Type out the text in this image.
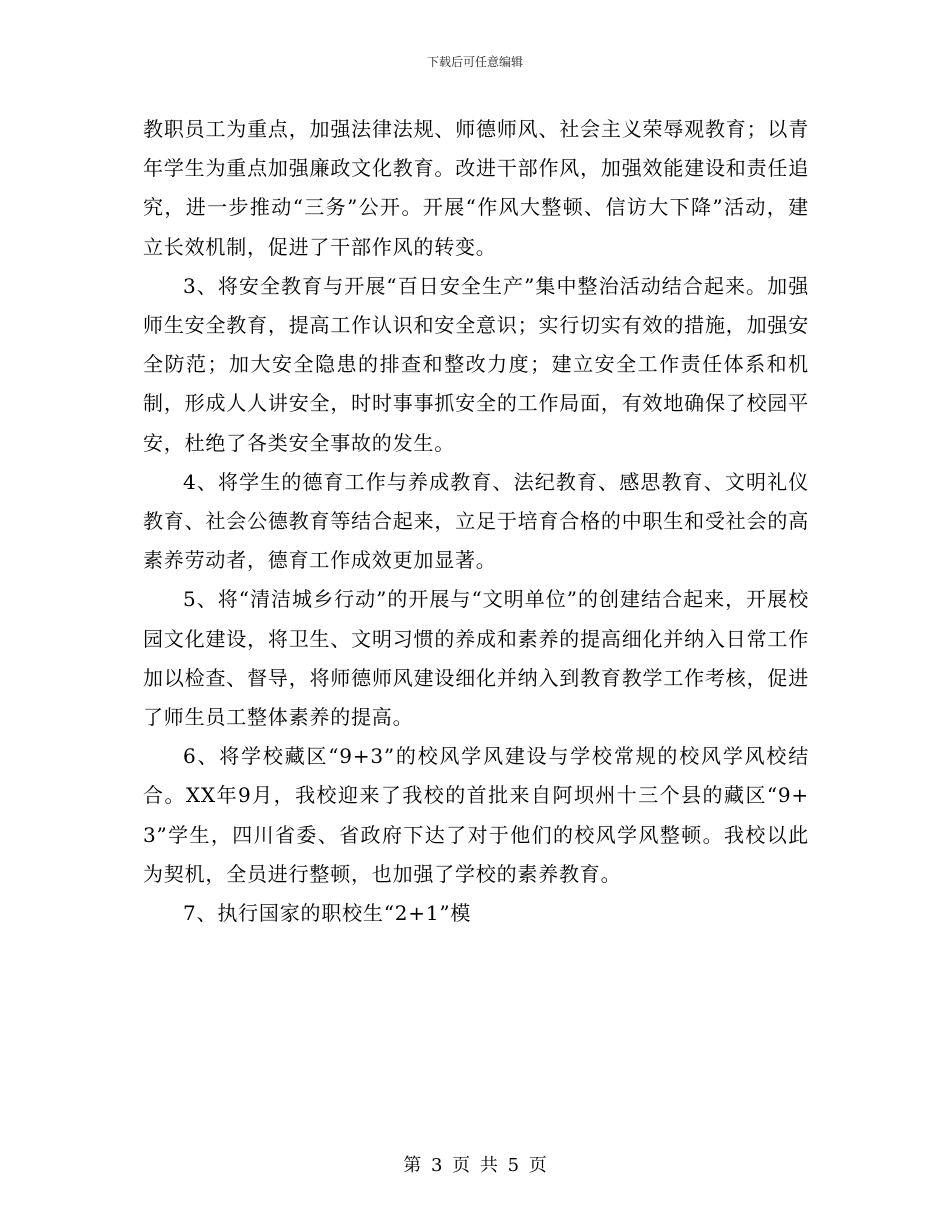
下载后可任意编辑

教职员工为重点，加强法律法规、师德师风、社会主义荣辱观教育；以青年学生为重点加强廉政文化教育。改进干部作风，加强效能建设和责任追究，进一步推动“三务”公开。开展“作风大整顿、信访大下降”活动，建立长效机制，促进了干部作风的转变。

3、将安全教育与开展“百日安全生产”集中整治活动结合起来。加强师生安全教育，提高工作认识和安全意识；实行切实有效的措施，加强安全防范；加大安全隐患的排查和整改力度；建立安全工作责任体系和机制，形成人人讲安全，时时事事抓安全的工作局面，有效地确保了校园平安，杜绝了各类安全事故的发生。

4、将学生的德育工作与养成教育、法纪教育、感思教育、文明礼仪教育、社会公德教育等结合起来，立足于培育合格的中职生和受社会的高素养劳动者，德育工作成效更加显著。

5、将“清洁城乡行动”的开展与“文明单位”的创建结合起来，开展校园文化建设，将卫生、文明习惯的养成和素养的提高细化并纳入日常工作加以检查、督导，将师德师风建设细化并纳入到教育教学工作考核，促进了师生员工整体素养的提高。

6、将学校藏区“9+3”的校风学风建设与学校常规的校风学风校结合。XX年9月，我校迎来了我校的首批来自阿坝州十三个县的藏区“9+3”学生，四川省委、省政府下达了对于他们的校风学风整顿。我校以此为契机，全员进行整顿，也加强了学校的素养教育。

7、执行国家的职校生“2+1”模

第 3 页 共 5 页
